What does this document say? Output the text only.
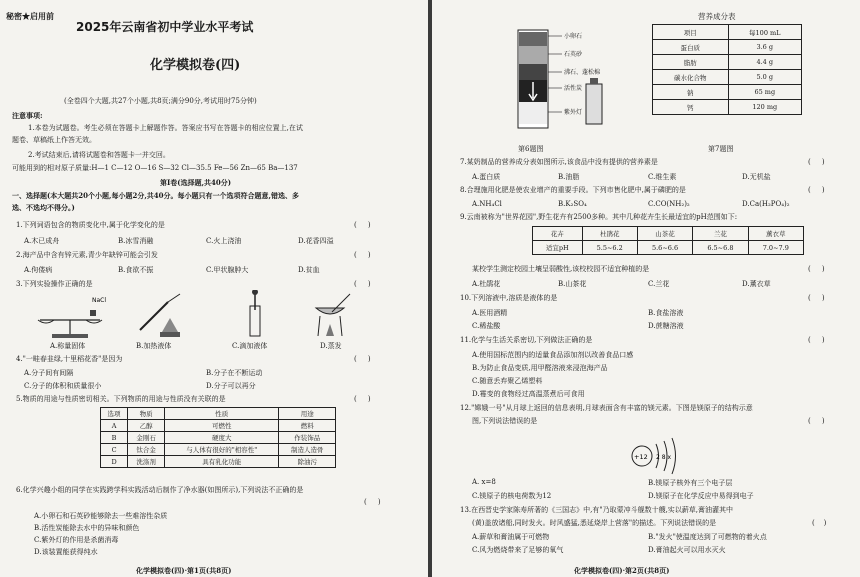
秘密★启用前
2025年云南省初中学业水平考试
化学模拟卷(四)
(全卷四个大题,共27个小题,共8页;满分90分,考试用时75分钟)
注意事项:
1.本卷为试题卷。考生必须在答题卡上解题作答。答案应书写在答题卡的相应位置上,在试
题卷、草稿纸上作答无效。
2.考试结束后,请将试题卷和答题卡一并交回。
可能用到的相对原子质量:H—1 C—12 O—16 S—32 Cl—35.5 Fe—56 Zn—65 Ba—137
第Ⅰ卷(选择题,共40分)
一、选择题(本大题共20个小题,每小题2分,共40分。每小题只有一个选项符合题意,错选、多
选、不选均不得分。)
1.下列词语包含的物质变化中,属于化学变化的是	(     )
A.木已成舟	B.冰雪消融	C.火上浇油	D.花香四溢
2.海产品中含有锌元素,青少年缺锌可能会引发	(     )
A.佝偻病	B.食欲不振	C.甲状腺肿大	D.贫血
3.下列实验操作正确的是	(     )
NaCl
A.称量固体	B.加热液体	C.滴加液体	D.蒸发
4."一畦春韭绿,十里稻花香"是因为	(     )
A.分子间有间隔	B.分子在不断运动
C.分子的体积和质量很小	D.分子可以再分
5.物质的用途与性质密切相关。下列物质的用途与性质没有关联的是	(     )
选项	物质	性质	用途
A	乙醇	可燃性	燃料
B	金刚石	硬度大	作装饰品
C	钛合金	与人体有很好的"相容性"	制造人造骨
D	洗涤剂	具有乳化功能	除油污
6.化学兴趣小组的同学在实践跨学科实践活动后制作了净水器(如图所示),下列说法不正确的是
(     )
A.小卵石和石英砂能够除去一些难溶性杂质
B.活性炭能除去水中的异味和颜色
C.紫外灯的作用是杀菌消毒
D.该装置能获得纯水
化学模拟卷(四)·第1页(共8页)
小卵石
石英砂
沸石、蓬松棉
活性炭
紫外灯
营养成分表
项目	每100 mL
蛋白质	3.6 g
脂肪	4.4 g
碳水化合物	5.0 g
钠	65 mg
钙	120 mg
第6题图	第7题图
7.某奶制品的营养成分表如图所示,该食品中没有提供的营养素是	(     )
A.蛋白质	B.油脂	C.维生素	D.无机盐
8.合理施用化肥是使农业增产的重要手段。下列市售化肥中,属于磷肥的是	(     )
A.NH₄Cl	B.K₂SO₄	C.CO(NH₂)₂	D.Ca(H₂PO₄)₂
9.云南被称为"世界花园",野生花卉有2500多种。其中几种花卉生长最适宜的pH范围如下:
花卉	杜鹃花	山茶花	兰花	薰衣草
适宜pH	5.5~6.2	5.6~6.6	6.5~6.8	7.0~7.9
某校学生测定校园土壤呈弱酸性,该校校园不适宜种植的是	(     )
A.杜鹃花	B.山茶花	C.兰花	D.薰衣草
10.下列溶液中,溶质是液体的是	(     )
A.医用酒精	B.食盐溶液
C.稀盐酸	D.蔗糖溶液
11.化学与生活关系密切,下列做法正确的是	(     )
A.使用国标范围内的适量食品添加剂以改善食品口感
B.为防止食品变质,用甲醛溶液来浸泡海产品
C.随意丢弃聚乙烯塑料
D.霉变的食物经过高温蒸煮后可食用
12."嫦娥一号"从月球上返回的信息表明,月球表面含有丰富的镁元素。下图是镁原子的结构示意
图,下列说法错误的是	(     )
+12 2 8 x
A. x=8	B.镁原子核外有三个电子层
C.镁原子的核电荷数为12	D.镁原子在化学反应中易得到电子
13.在西晋史学家陈寿所著的《三国志》中,有"乃取蒙冲斗舰数十艘,实以薪草,膏油灌其中
(黄)盖放诸船,同时发火。时风盛猛,悉延烧岸上营落"的描述。下列说法错误的是	(    )
A.薪草和膏油属于可燃物	B."发火"使温度达到了可燃物的着火点
C.风为燃烧带来了足够的氧气	D.膏油起火可以用水灭火
化学模拟卷(四)·第2页(共8页)
